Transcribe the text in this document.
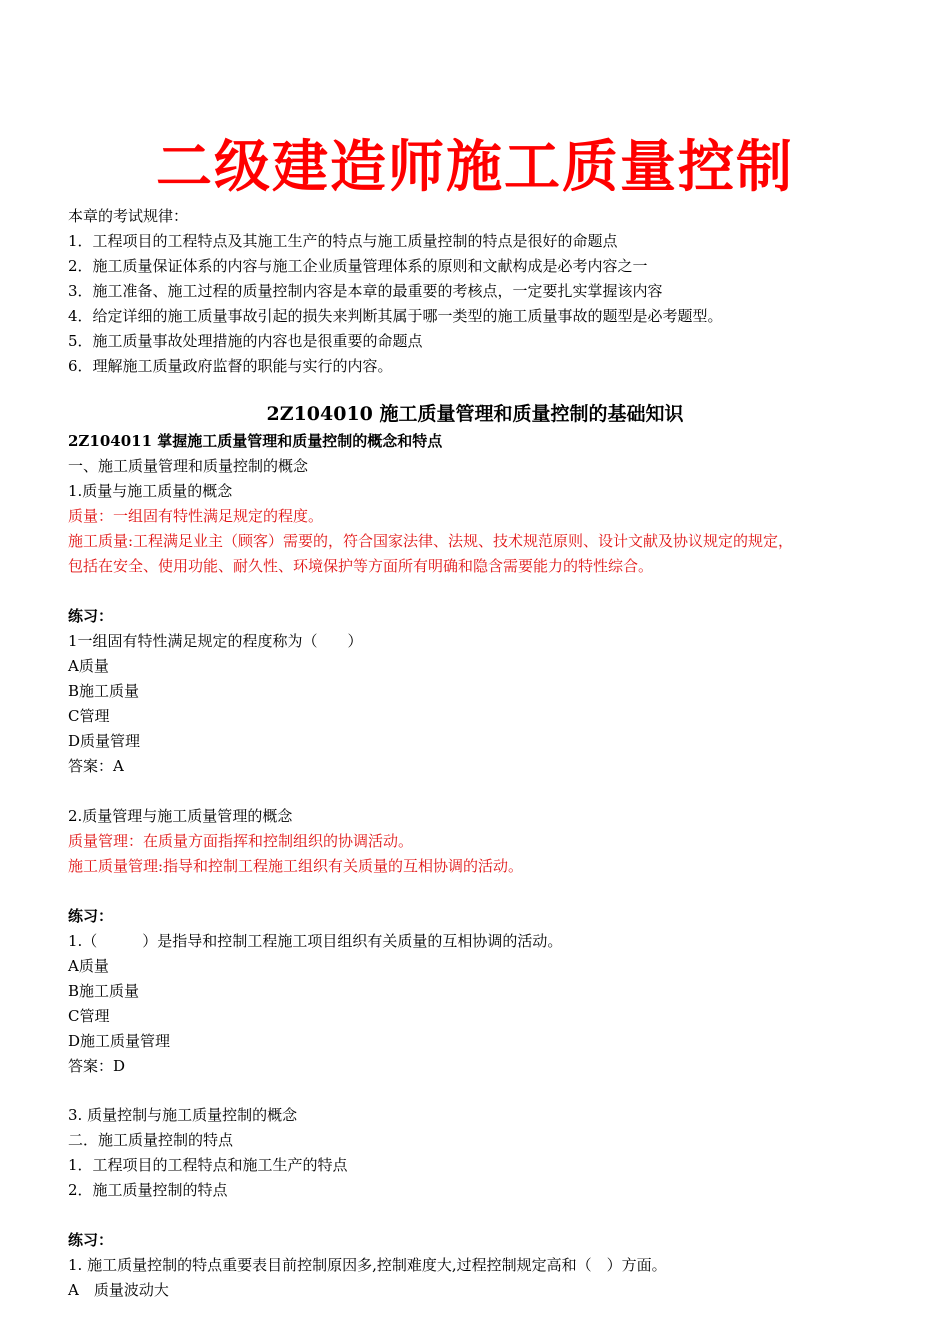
二级建造师施工质量控制
本章的考试规律：
1．工程项目的工程特点及其施工生产的特点与施工质量控制的特点是很好的命题点
2．施工质量保证体系的内容与施工企业质量管理体系的原则和文献构成是必考内容之一
3．施工准备、施工过程的质量控制内容是本章的最重要的考核点，一定要扎实掌握该内容
4．给定详细的施工质量事故引起的损失来判断其属于哪一类型的施工质量事故的题型是必考题型。
5．施工质量事故处理措施的内容也是很重要的命题点
6．理解施工质量政府监督的职能与实行的内容。
2Z104010 施工质量管理和质量控制的基础知识
2Z104011 掌握施工质量管理和质量控制的概念和特点
一、施工质量管理和质量控制的概念
1.质量与施工质量的概念
质量：一组固有特性满足规定的程度。
施工质量:工程满足业主（顾客）需要的，符合国家法律、法规、技术规范原则、设计文献及协议规定的规定，
包括在安全、使用功能、耐久性、环境保护等方面所有明确和隐含需要能力的特性综合。
练习：
1一组固有特性满足规定的程度称为（　　）
A质量
B施工质量
C管理
D质量管理
答案：A
2.质量管理与施工质量管理的概念
质量管理：在质量方面指挥和控制组织的协调活动。
施工质量管理:指导和控制工程施工组织有关质量的互相协调的活动。
练习：
1.（　　　）是指导和控制工程施工项目组织有关质量的互相协调的活动。
A质量
B施工质量
C管理
D施工质量管理
答案：D
3. 质量控制与施工质量控制的概念
二．施工质量控制的特点
1．工程项目的工程特点和施工生产的特点
2．施工质量控制的特点
练习：
1. 施工质量控制的特点重要表目前控制原因多,控制难度大,过程控制规定高和（　）方面。
A　质量波动大
